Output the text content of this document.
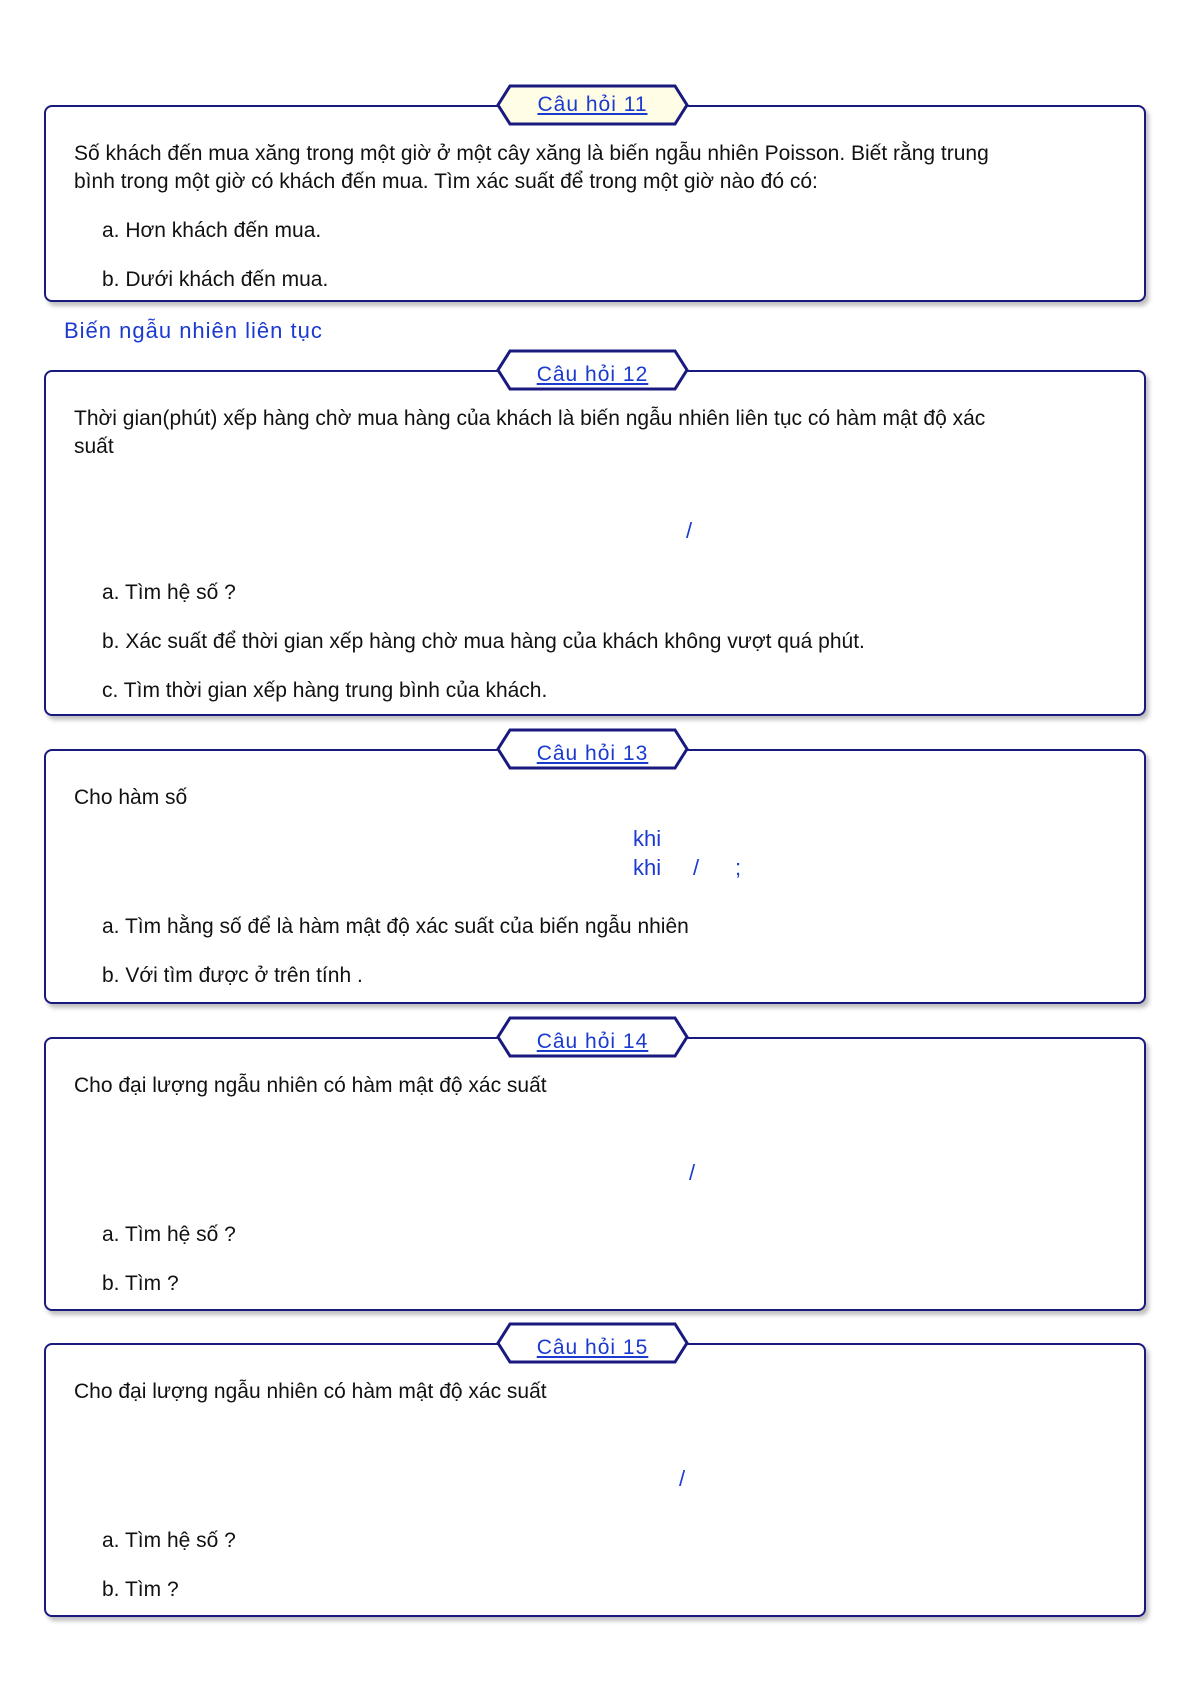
Số khách đến mua xăng trong một giờ ở một cây xăng là biến ngẫu nhiên Poisson. Biết rằng trung
bình trong một giờ có khách đến mua. Tìm xác suất để trong một giờ nào đó có:
a. Hơn khách đến mua.
b. Dưới khách đến mua.
Câu hỏi 11
Biến ngẫu nhiên liên tục
Thời gian(phút) xếp hàng chờ mua hàng của khách là biến ngẫu nhiên liên tục có hàm mật độ xác
suất
/
a. Tìm hệ số ?
b. Xác suất để thời gian xếp hàng chờ mua hàng của khách không vượt quá phút.
c. Tìm thời gian xếp hàng trung bình của khách.
Câu hỏi 12
Cho hàm số
khi
khi / ;
a. Tìm hằng số để là hàm mật độ xác suất của biến ngẫu nhiên
b. Với tìm được ở trên tính .
Câu hỏi 13
Cho đại lượng ngẫu nhiên có hàm mật độ xác suất
/
a. Tìm hệ số ?
b. Tìm ?
Câu hỏi 14
Cho đại lượng ngẫu nhiên có hàm mật độ xác suất
/
a. Tìm hệ số ?
b. Tìm ?
Câu hỏi 15
